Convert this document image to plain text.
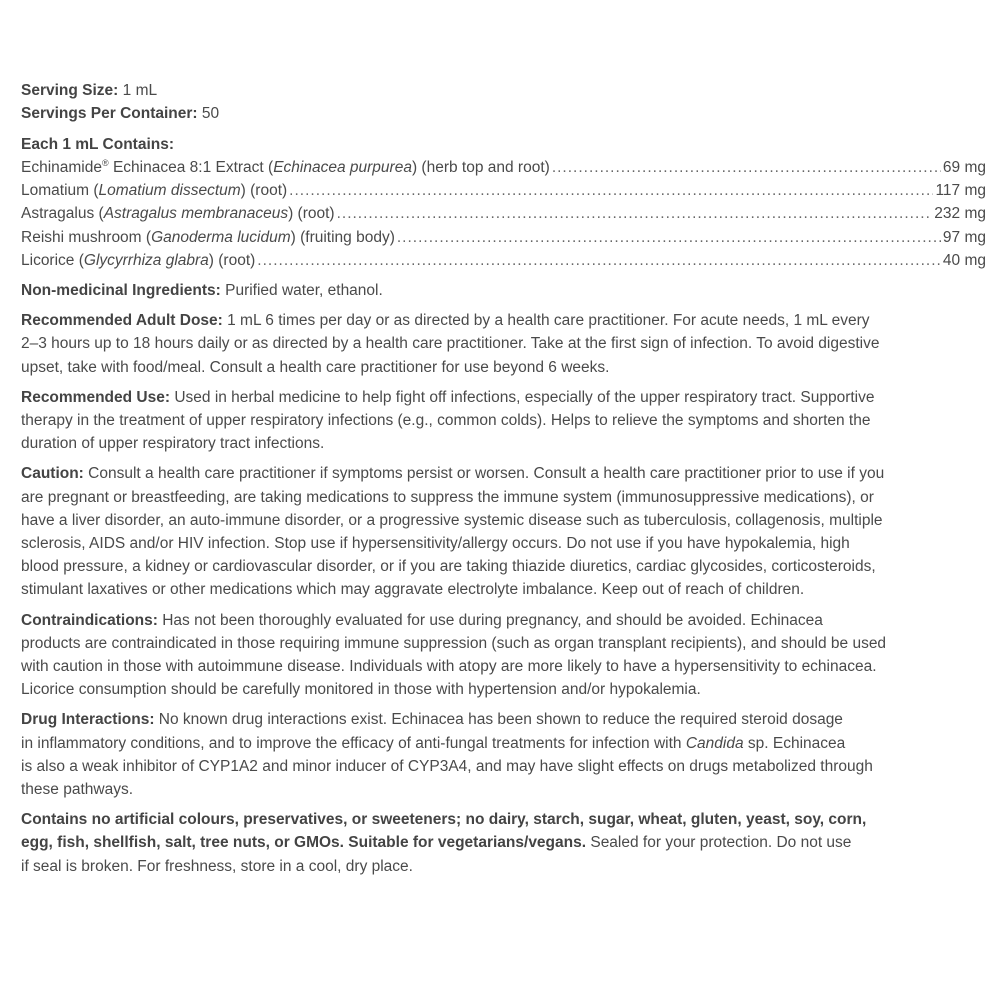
Serving Size: 1 mL
Servings Per Container: 50
Each 1 mL Contains:
Echinamide® Echinacea 8:1 Extract (Echinacea purpurea) (herb top and root) .....	69 mg
Lomatium (Lomatium dissectum) (root) .....	117 mg
Astragalus (Astragalus membranaceus) (root) .....	232 mg
Reishi mushroom (Ganoderma lucidum) (fruiting body) .....	97 mg
Licorice (Glycyrrhiza glabra) (root) .....	40 mg
Non-medicinal Ingredients: Purified water, ethanol.
Recommended Adult Dose: 1 mL 6 times per day or as directed by a health care practitioner. For acute needs, 1 mL every
2–3 hours up to 18 hours daily or as directed by a health care practitioner. Take at the first sign of infection. To avoid digestive
upset, take with food/meal. Consult a health care practitioner for use beyond 6 weeks.
Recommended Use: Used in herbal medicine to help fight off infections, especially of the upper respiratory tract. Supportive
therapy in the treatment of upper respiratory infections (e.g., common colds). Helps to relieve the symptoms and shorten the
duration of upper respiratory tract infections.
Caution: Consult a health care practitioner if symptoms persist or worsen. Consult a health care practitioner prior to use if you
are pregnant or breastfeeding, are taking medications to suppress the immune system (immunosuppressive medications), or
have a liver disorder, an auto-immune disorder, or a progressive systemic disease such as tuberculosis, collagenosis, multiple
sclerosis, AIDS and/or HIV infection. Stop use if hypersensitivity/allergy occurs. Do not use if you have hypokalemia, high
blood pressure, a kidney or cardiovascular disorder, or if you are taking thiazide diuretics, cardiac glycosides, corticosteroids,
stimulant laxatives or other medications which may aggravate electrolyte imbalance. Keep out of reach of children.
Contraindications: Has not been thoroughly evaluated for use during pregnancy, and should be avoided. Echinacea
products are contraindicated in those requiring immune suppression (such as organ transplant recipients), and should be used
with caution in those with autoimmune disease. Individuals with atopy are more likely to have a hypersensitivity to echinacea.
Licorice consumption should be carefully monitored in those with hypertension and/or hypokalemia.
Drug Interactions: No known drug interactions exist. Echinacea has been shown to reduce the required steroid dosage
in inflammatory conditions, and to improve the efficacy of anti-fungal treatments for infection with Candida sp. Echinacea
is also a weak inhibitor of CYP1A2 and minor inducer of CYP3A4, and may have slight effects on drugs metabolized through
these pathways.
Contains no artificial colours, preservatives, or sweeteners; no dairy, starch, sugar, wheat, gluten, yeast, soy, corn,
egg, fish, shellfish, salt, tree nuts, or GMOs. Suitable for vegetarians/vegans. Sealed for your protection. Do not use
if seal is broken. For freshness, store in a cool, dry place.
